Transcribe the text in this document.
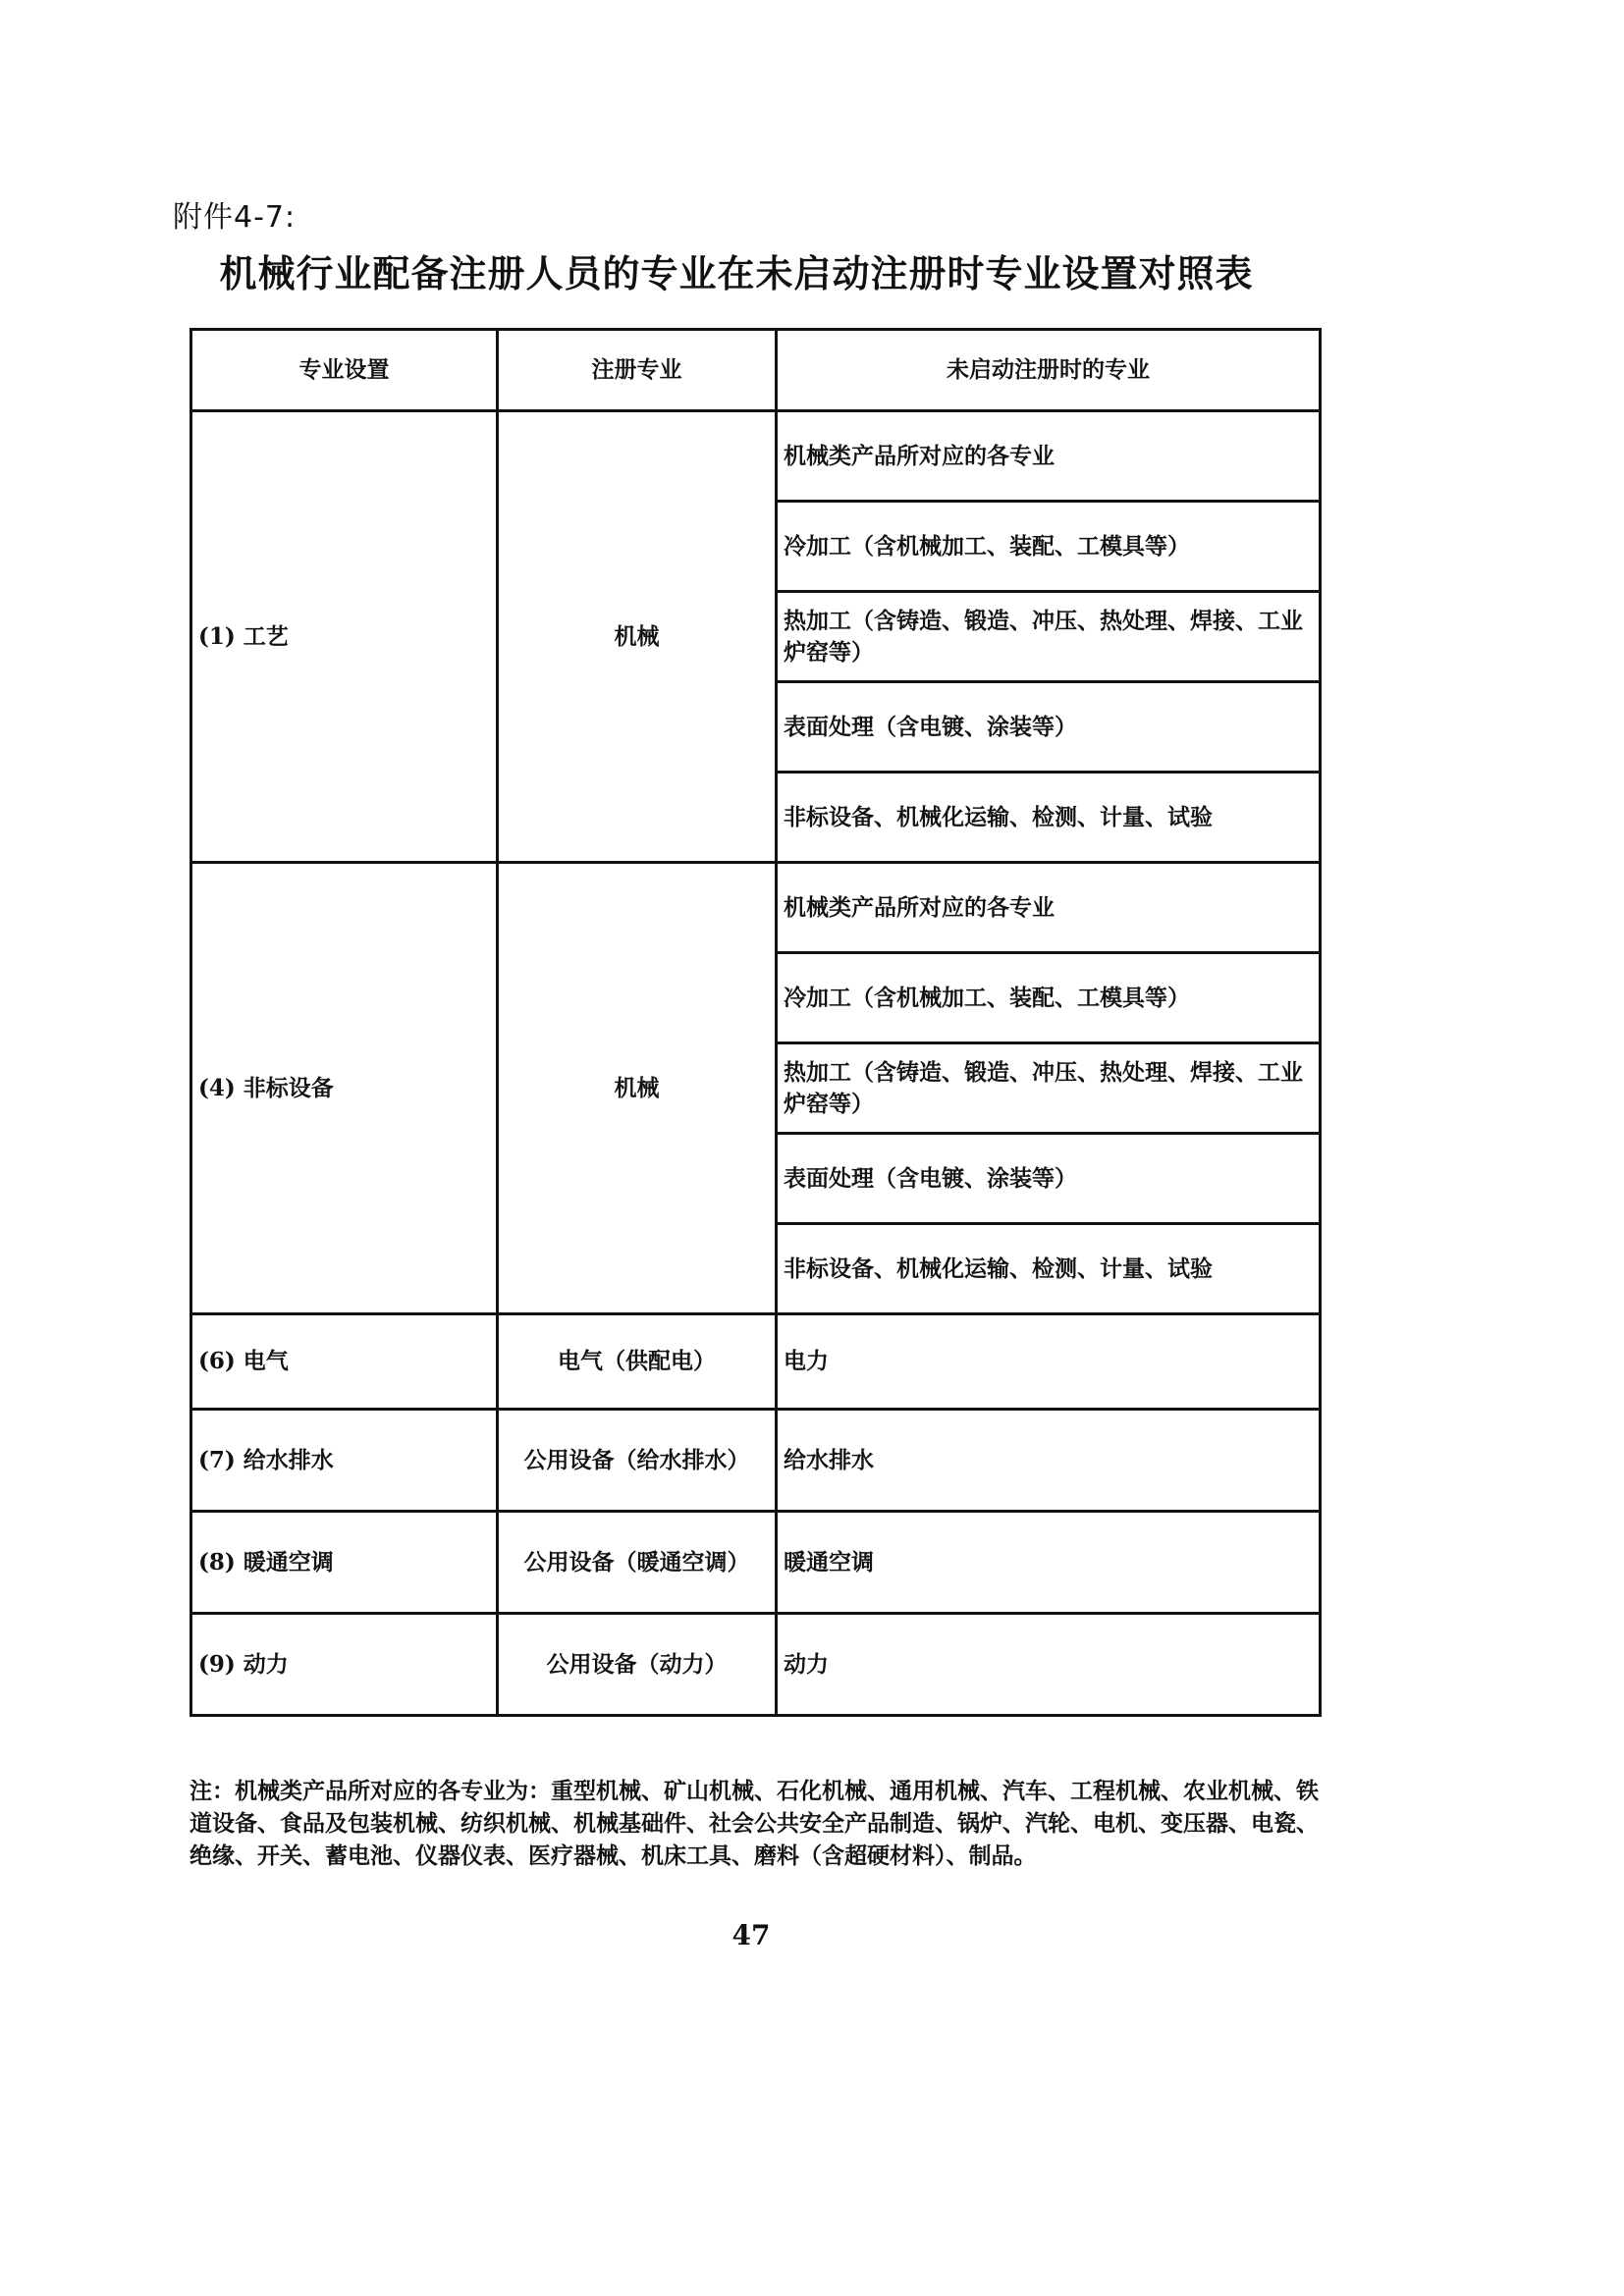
附件4-7:
机械行业配备注册人员的专业在未启动注册时专业设置对照表
专业设置	注册专业	未启动注册时的专业
(1) 工艺	机械	机械类产品所对应的各专业
		冷加工（含机械加工、装配、工模具等）
		热加工（含铸造、锻造、冲压、热处理、焊接、工业炉窑等）
		表面处理（含电镀、涂装等）
		非标设备、机械化运输、检测、计量、试验
(4) 非标设备	机械	机械类产品所对应的各专业
		冷加工（含机械加工、装配、工模具等）
		热加工（含铸造、锻造、冲压、热处理、焊接、工业炉窑等）
		表面处理（含电镀、涂装等）
		非标设备、机械化运输、检测、计量、试验
(6) 电气	电气（供配电）	电力
(7) 给水排水	公用设备（给水排水）	给水排水
(8) 暖通空调	公用设备（暖通空调）	暖通空调
(9) 动力	公用设备（动力）	动力
注：机械类产品所对应的各专业为：重型机械、矿山机械、石化机械、通用机械、汽车、工程机械、农业机械、铁道设备、食品及包装机械、纺织机械、机械基础件、社会公共安全产品制造、锅炉、汽轮、电机、变压器、电瓷、绝缘、开关、蓄电池、仪器仪表、医疗器械、机床工具、磨料（含超硬材料）、制品。
47
